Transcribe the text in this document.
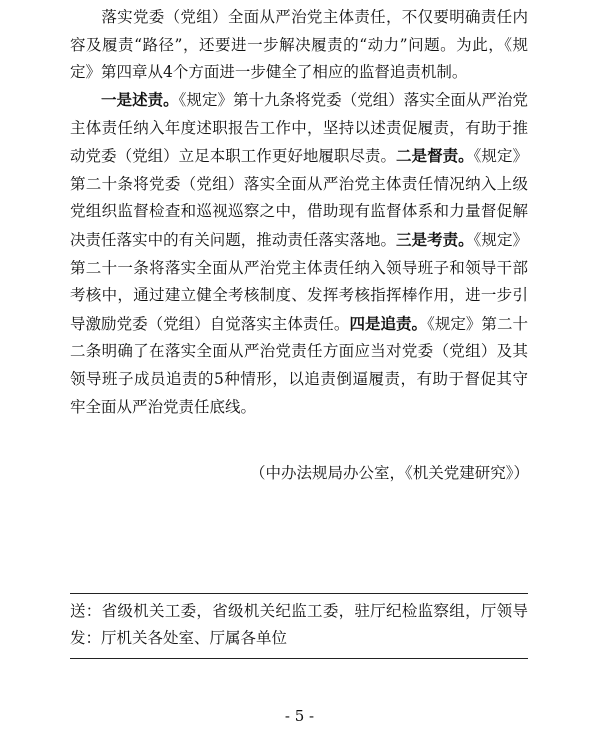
落实党委（党组）全面从严治党主体责任，不仅要明确责任内容及履责“路径”，还要进一步解决履责的“动力”问题。为此，《规定》第四章从4个方面进一步健全了相应的监督追责机制。
一是述责。《规定》第十九条将党委（党组）落实全面从严治党主体责任纳入年度述职报告工作中，坚持以述责促履责，有助于推动党委（党组）立足本职工作更好地履职尽责。二是督责。《规定》第二十条将党委（党组）落实全面从严治党主体责任情况纳入上级党组织监督检查和巡视巡察之中，借助现有监督体系和力量督促解决责任落实中的有关问题，推动责任落实落地。三是考责。《规定》第二十一条将落实全面从严治党主体责任纳入领导班子和领导干部考核中，通过建立健全考核制度、发挥考核指挥棒作用，进一步引导激励党委（党组）自觉落实主体责任。四是追责。《规定》第二十二条明确了在落实全面从严治党责任方面应当对党委（党组）及其领导班子成员追责的5种情形，以追责倒逼履责，有助于督促其守牢全面从严治党责任底线。
（中办法规局办公室，《机关党建研究》）
送：省级机关工委，省级机关纪监工委，驻厅纪检监察组，厅领导发：厅机关各处室、厅属各单位
- 5 -
